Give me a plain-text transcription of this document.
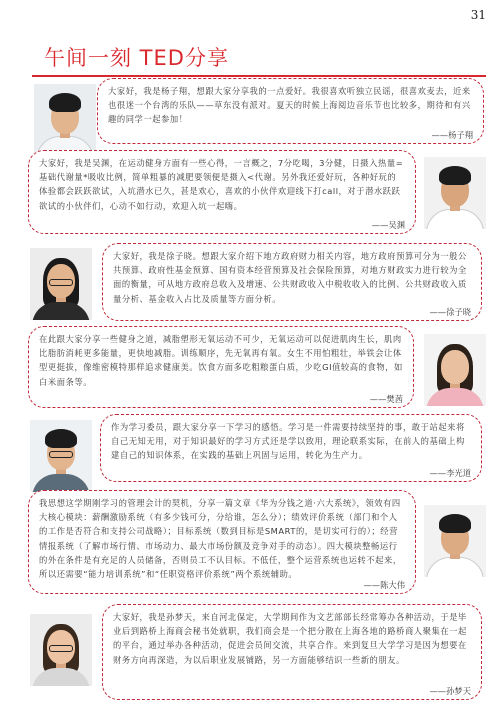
31
午间一刻 TED分享

大家好，我是杨子翔，想跟大家分享我的一点爱好。我很喜欢听独立民谣，很喜欢麦去，近来也很迷一个台湾的乐队——草东没有派对。夏天的时候上海阅边音乐节也比较多，期待和有兴趣的同学一起参加！

——杨子翔

大家好，我是吴渊，在运动健身方面有一些心得，一言概之，7分吃喝，3分健，日摄入热量=基础代谢量*吸收比例，简单粗暴的减肥要领便是摄入<代谢。另外我还爱好玩，各种好玩的体验都会跃跃欲试，入坑潜水已久，甚是欢心，喜欢的小伙伴欢迎线下打call，对于潜水跃跃欲试的小伙伴们，心动不如行动，欢迎入坑一起嗨。

——吴渊

大家好，我是徐子晓。想跟大家介绍下地方政府财力相关内容，地方政府预算可分为一般公共预算、政府性基金预算、国有资本经营预算及社会保险预算，对地方财政实力进行较为全面的衡量，可从地方政府总收入及增速、公共财政收入中税收收入的比例、公共财政收入质量分析、基金收入占比及质量等方面分析。

——徐子晓

在此跟大家分享一些健身之道，减脂塑形无氧运动不可少，无氧运动可以促进肌肉生长，肌肉比脂肪消耗更多能量，更快地减脂。训练顺序，先无氧再有氧。女生不用怕粗壮，举铁会让体型更挺拔，像维密模特那样追求健康美。饮食方面多吃粗粮蛋白质，少吃GI值较高的食物，如白米面条等。

——樊茜

作为学习委员，跟大家分享一下学习的感悟。学习是一件需要持续坚持的事，敢于站起来将自己无知无用，对于知识最好的学习方式还是学以致用，理论联系实际，在前人的基础上构建自己的知识体系，在实践的基础上巩固与运用，转化为生产力。

——李光道

我思想这学期刚学习的管理会计的契机，分享一篇文章《华为分钱之道·六大系统》，领效有四大核心模块：薪酬激励系统（有多少钱可分，分给谁，怎么分）；绩效评价系统（部门和个人的工作是否符合和支持公司战略）；目标系统（数到目标是SMART的，是切实可行的）；经营情报系统（了解市场行情、市场动力、最大市场份额及竞争对手的动态）。四大模块整畅运行的外在条件是有充足的人员储备，否则员工不认目标。不低任，整个运营系统也运转不起来，所以还需要“能力培训系统”和“任职资格评价系统”两个系统辅助。

——陈大伟

大家好，我是孙梦天，来自河北保定，大学期间作为文艺部部长经常筹办各种活动，于是毕业后到路桥上海商会秘书处就职，我们商会是一个把分散在上海各地的路桥商人聚集在一起的平台，通过举办各种活动，促进会员间交流，共享合作。来到复旦大学学习是因为想要在财务方向再深造，为以后职业发展铺路，另一方面能够结识一些新的朋友。

——孙梦天
